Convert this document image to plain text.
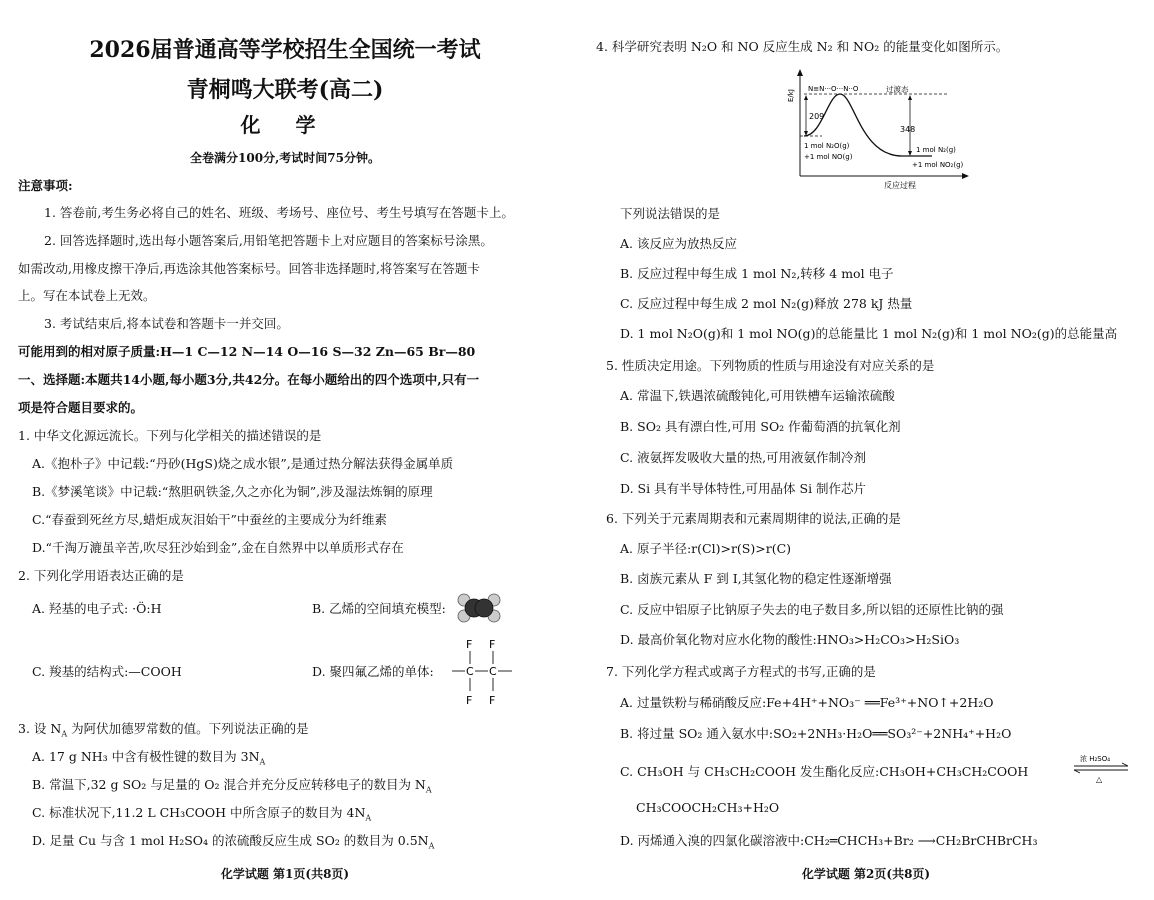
2026届普通高等学校招生全国统一考试
青桐鸣大联考(高二)
化 学
全卷满分100分,考试时间75分钟。
注意事项:
1. 答卷前,考生务必将自己的姓名、班级、考场号、座位号、考生号填写在答题卡上。
2. 回答选择题时,选出每小题答案后,用铅笔把答题卡上对应题目的答案标号涂黑。
如需改动,用橡皮擦干净后,再选涂其他答案标号。回答非选择题时,将答案写在答题卡
上。写在本试卷上无效。
3. 考试结束后,将本试卷和答题卡一并交回。
可能用到的相对原子质量:H—1 C—12 N—14 O—16 S—32 Zn—65 Br—80
一、选择题:本题共14小题,每小题3分,共42分。在每小题给出的四个选项中,只有一
项是符合题目要求的。
1. 中华文化源远流长。下列与化学相关的描述错误的是
A.《抱朴子》中记载:“丹砂(HgS)烧之成水银”,是通过热分解法获得金属单质
B.《梦溪笔谈》中记载:“熬胆矾铁釜,久之亦化为铜”,涉及湿法炼铜的原理
C.“春蚕到死丝方尽,蜡炬成灰泪始干”中蚕丝的主要成分为纤维素
D.“千淘万漉虽辛苦,吹尽狂沙始到金”,金在自然界中以单质形式存在
2. 下列化学用语表达正确的是
A. 羟基的电子式: ·Ö:H	B. 乙烯的空间填充模型:
C. 羧基的结构式:—COOH	D. 聚四氟乙烯的单体:
F F
C C
F F
3. 设 $N_A$ 为阿伏加德罗常数的值。下列说法正确的是
A. 17 g NH₃ 中含有极性键的数目为 $3N_A$
B. 常温下,32 g SO₂ 与足量的 O₂ 混合并充分反应转移电子的数目为 $N_A$
C. 标准状况下,11.2 L CH₃COOH 中所含原子的数目为 $4N_A$
D. 足量 Cu 与含 1 mol H₂SO₄ 的浓硫酸反应生成 SO₂ 的数目为 $0.5N_A$
化学试题 第1页(共8页)
4. 科学研究表明 N₂O 和 NO 反应生成 N₂ 和 NO₂ 的能量变化如图所示。
E/kJ
反应过程
209
348
过渡态
N≡N···O···N··O
1 mol N₂O(g)
+1 mol NO(g)
1 mol N₂(g)
+1 mol NO₂(g)
下列说法错误的是
A. 该反应为放热反应
B. 反应过程中每生成 1 mol N₂,转移 4 mol 电子
C. 反应过程中每生成 2 mol N₂(g)释放 278 kJ 热量
D. 1 mol N₂O(g)和 1 mol NO(g)的总能量比 1 mol N₂(g)和 1 mol NO₂(g)的总能量高
5. 性质决定用途。下列物质的性质与用途没有对应关系的是
A. 常温下,铁遇浓硫酸钝化,可用铁槽车运输浓硫酸
B. SO₂ 具有漂白性,可用 SO₂ 作葡萄酒的抗氧化剂
C. 液氨挥发吸收大量的热,可用液氨作制冷剂
D. Si 具有半导体特性,可用晶体 Si 制作芯片
6. 下列关于元素周期表和元素周期律的说法,正确的是
A. 原子半径:r(Cl)>r(S)>r(C)
B. 卤族元素从 F 到 I,其氢化物的稳定性逐渐增强
C. 反应中铝原子比钠原子失去的电子数目多,所以铝的还原性比钠的强
D. 最高价氧化物对应水化物的酸性:HNO₃>H₂CO₃>H₂SiO₃
7. 下列化学方程式或离子方程式的书写,正确的是
A. 过量铁粉与稀硝酸反应:Fe+4H⁺+NO₃⁻ ══Fe³⁺+NO↑+2H₂O
B. 将过量 SO₂ 通入氨水中:SO₂+2NH₃·H₂O══SO₃²⁻+2NH₄⁺+H₂O
C. CH₃OH 与 CH₃CH₂COOH 发生酯化反应:CH₃OH+CH₃CH₂COOH
浓 H₂SO₄
△
CH₃COOCH₂CH₃+H₂O
D. 丙烯通入溴的四氯化碳溶液中:CH₂═CHCH₃+Br₂ ⟶CH₂BrCHBrCH₃
化学试题 第2页(共8页)
